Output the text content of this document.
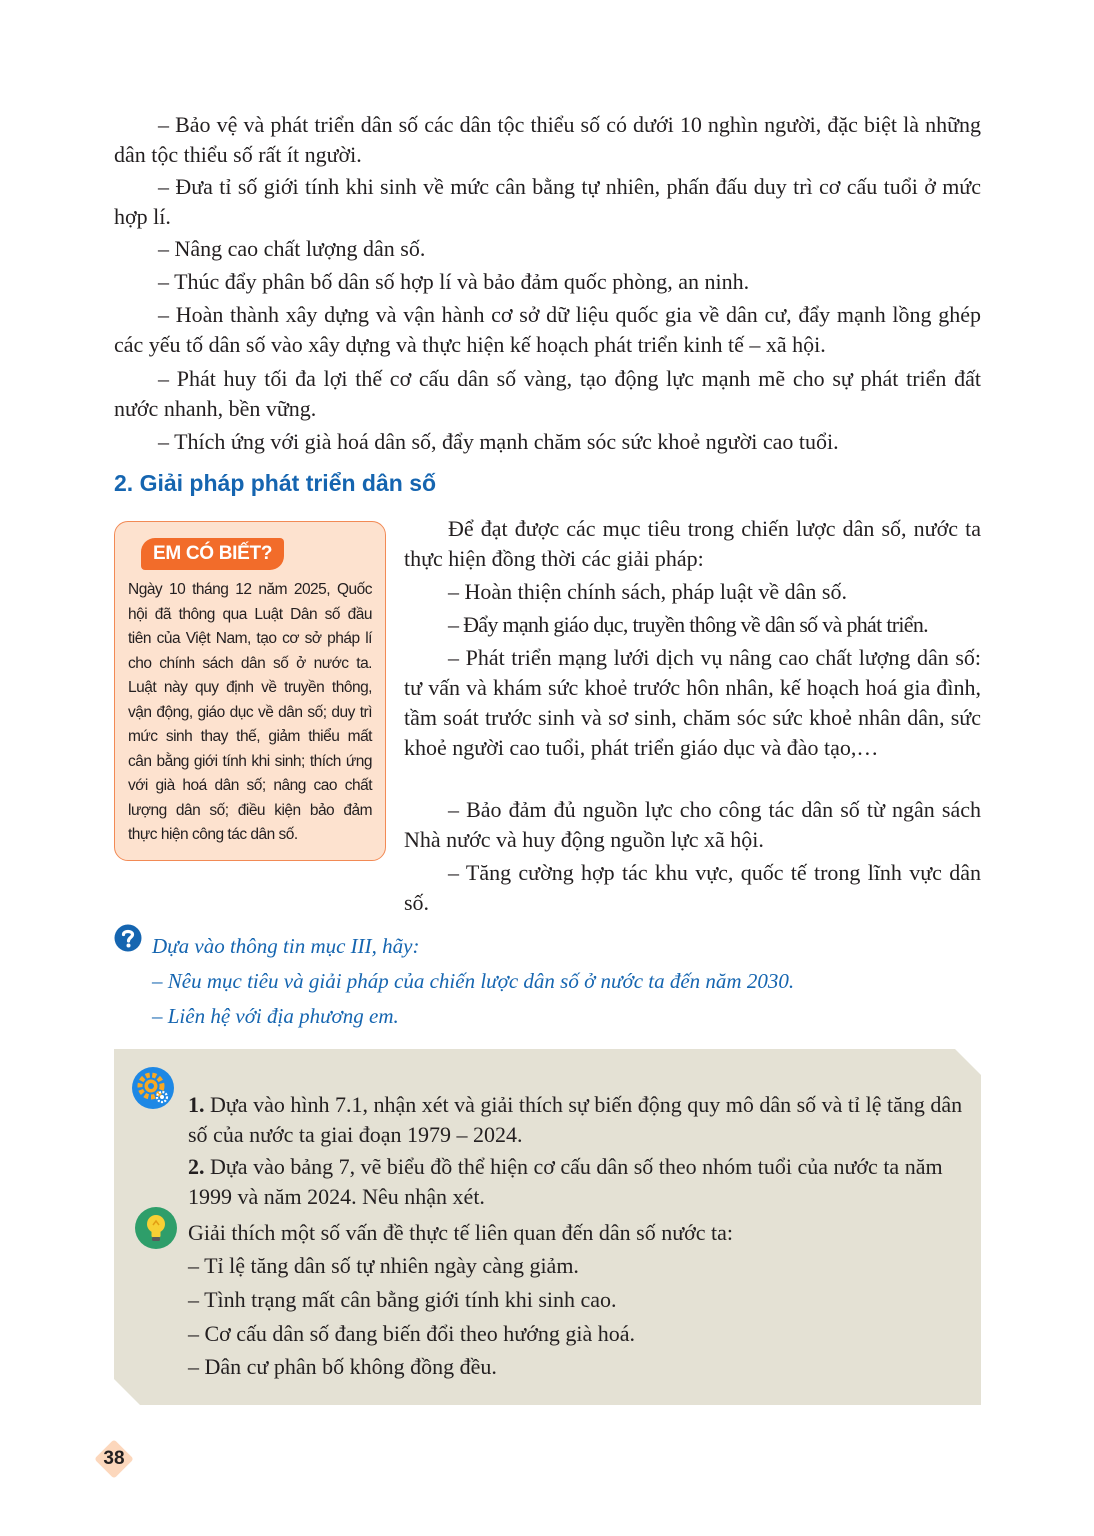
– Bảo vệ và phát triển dân số các dân tộc thiểu số có dưới 10 nghìn người, đặc biệt là những dân tộc thiểu số rất ít người.

– Đưa tỉ số giới tính khi sinh về mức cân bằng tự nhiên, phấn đấu duy trì cơ cấu tuổi ở mức hợp lí.

– Nâng cao chất lượng dân số.

– Thúc đẩy phân bố dân số hợp lí và bảo đảm quốc phòng, an ninh.

– Hoàn thành xây dựng và vận hành cơ sở dữ liệu quốc gia về dân cư, đẩy mạnh lồng ghép các yếu tố dân số vào xây dựng và thực hiện kế hoạch phát triển kinh tế – xã hội.

– Phát huy tối đa lợi thế cơ cấu dân số vàng, tạo động lực mạnh mẽ cho sự phát triển đất nước nhanh, bền vững.

– Thích ứng với già hoá dân số, đẩy mạnh chăm sóc sức khoẻ người cao tuổi.

2. Giải pháp phát triển dân số
EM CÓ BIẾT?

Ngày 10 tháng 12 năm 2025, Quốc hội đã thông qua Luật Dân số đầu tiên của Việt Nam, tạo cơ sở pháp lí cho chính sách dân số ở nước ta. Luật này quy định về truyền thông, vận động, giáo dục về dân số; duy trì mức sinh thay thế, giảm thiểu mất cân bằng giới tính khi sinh; thích ứng với già hoá dân số; nâng cao chất lượng dân số; điều kiện bảo đảm thực hiện công tác dân số.

Để đạt được các mục tiêu trong chiến lược dân số, nước ta thực hiện đồng thời các giải pháp:

– Hoàn thiện chính sách, pháp luật về dân số.

– Đẩy mạnh giáo dục, truyền thông về dân số và phát triển.

– Phát triển mạng lưới dịch vụ nâng cao chất lượng dân số: tư vấn và khám sức khoẻ trước hôn nhân, kế hoạch hoá gia đình, tầm soát trước sinh và sơ sinh, chăm sóc sức khoẻ nhân dân, sức khoẻ người cao tuổi, phát triển giáo dục và đào tạo,…

– Bảo đảm đủ nguồn lực cho công tác dân số từ ngân sách Nhà nước và huy động nguồn lực xã hội.

– Tăng cường hợp tác khu vực, quốc tế trong lĩnh vực dân số.

Dựa vào thông tin mục III, hãy:

– Nêu mục tiêu và giải pháp của chiến lược dân số ở nước ta đến năm 2030.

– Liên hệ với địa phương em.

1. Dựa vào hình 7.1, nhận xét và giải thích sự biến động quy mô dân số và tỉ lệ tăng dân số của nước ta giai đoạn 1979 – 2024.

2. Dựa vào bảng 7, vẽ biểu đồ thể hiện cơ cấu dân số theo nhóm tuổi của nước ta năm 1999 và năm 2024. Nêu nhận xét.

Giải thích một số vấn đề thực tế liên quan đến dân số nước ta:

– Tỉ lệ tăng dân số tự nhiên ngày càng giảm.

– Tình trạng mất cân bằng giới tính khi sinh cao.

– Cơ cấu dân số đang biến đổi theo hướng già hoá.

– Dân cư phân bố không đồng đều.

38
